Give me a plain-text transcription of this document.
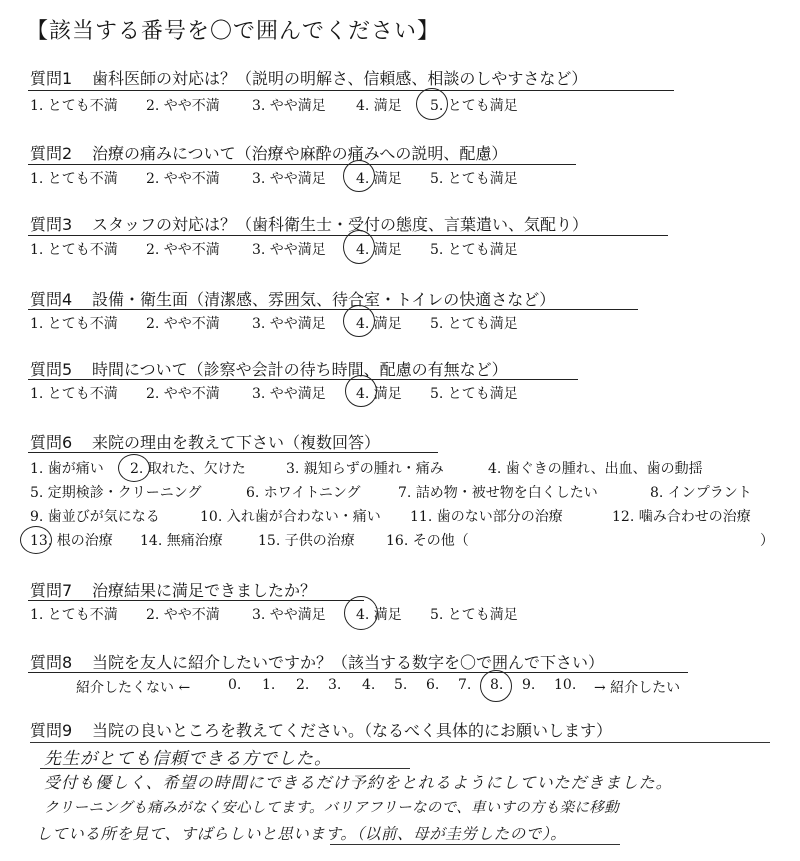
【該当する番号を〇で囲んでください】
質問1 歯科医師の対応は？（説明の明解さ、信頼感、相談のしやすさなど）
1. とても不満 2. やや不満 3. やや満足 4. 満足 5. とても満足
質問2 治療の痛みについて（治療や麻酔の痛みへの説明、配慮）
1. とても不満 2. やや不満 3. やや満足 4. 満足 5. とても満足
質問3 スタッフの対応は？（歯科衛生士・受付の態度、言葉遣い、気配り）
1. とても不満 2. やや不満 3. やや満足 4. 満足 5. とても満足
質問4 設備・衛生面（清潔感、雰囲気、待合室・トイレの快適さなど）
1. とても不満 2. やや不満 3. やや満足 4. 満足 5. とても満足
質問5 時間について（診察や会計の待ち時間、配慮の有無など）
1. とても不満 2. やや不満 3. やや満足 4. 満足 5. とても満足
質問6 来院の理由を教えて下さい（複数回答）
1. 歯が痛い 2. 取れた、欠けた	3. 親知らずの腫れ・痛み	4. 歯ぐきの腫れ、出血、歯の動揺
5. 定期検診・クリーニング	6. ホワイトニング	7. 詰め物・被せ物を白くしたい	8. インプラント
9. 歯並びが気になる	10. 入れ歯が合わない・痛い 11. 歯のない部分の治療	12. 噛み合わせの治療
13. 根の治療 14. 無痛治療	15. 子供の治療 16. その他（	）
質問7 治療結果に満足できましたか？
1. とても不満 2. やや不満 3. やや満足 4. 満足 5. とても満足
質問8 当院を友人に紹介したいですか？（該当する数字を〇で囲んで下さい）
紹介したくない ←	0. 1. 2. 3. 4. 5. 6. 7. 8. 9. 10. → 紹介したい
質問9 当院の良いところを教えてください。（なるべく具体的にお願いします）
先生がとても信頼できる方でした。
受付も優しく、希望の時間にできるだけ予約をとれるようにしていただきました。
クリーニングも痛みがなく安心してます。バリアフリーなので、車いすの方も楽に移動
している所を見て、すばらしいと思います。（以前、母が圭労したので）。
